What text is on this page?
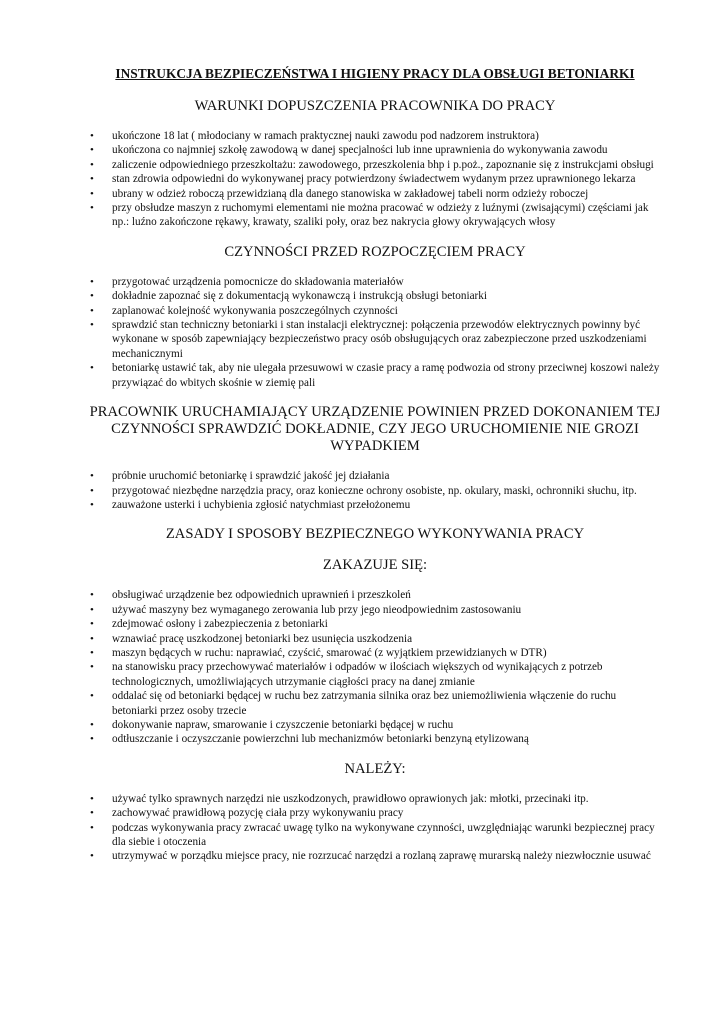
INSTRUKCJA BEZPIECZEŃSTWA I HIGIENY PRACY DLA OBSŁUGI BETONIARKI
WARUNKI DOPUSZCZENIA PRACOWNIKA DO PRACY
• ukończone 18 lat ( młodociany w ramach praktycznej nauki zawodu pod nadzorem instruktora)
• ukończona co najmniej szkołę zawodową w danej specjalności lub inne uprawnienia do wykonywania zawodu
• zaliczenie odpowiedniego przeszkoltażu: zawodowego, przeszkolenia bhp i p.poż., zapoznanie się z instrukcjami obsługi
• stan zdrowia odpowiedni do wykonywanej pracy potwierdzony świadectwem wydanym przez uprawnionego lekarza
• ubrany w odzież roboczą przewidzianą dla danego stanowiska w zakładowej tabeli norm odzieży roboczej
• przy obsłudze maszyn z ruchomymi elementami nie można pracować w odzieży z luźnymi (zwisającymi) częściami jak np.: luźno zakończone rękawy, krawaty, szaliki poły, oraz bez nakrycia głowy okrywających włosy
CZYNNOŚCI PRZED ROZPOCZĘCIEM PRACY
• przygotować urządzenia pomocnicze do składowania materiałów
• dokładnie zapoznać się z dokumentacją wykonawczą i instrukcją obsługi betoniarki
• zaplanować kolejność wykonywania poszczególnych czynności
• sprawdzić stan techniczny betoniarki i stan instalacji elektrycznej: połączenia przewodów elektrycznych powinny być wykonane w sposób zapewniający bezpieczeństwo pracy osób obsługujących oraz zabezpieczone przed uszkodzeniami mechanicznymi
• betoniarkę ustawić tak, aby nie ulegała przesuwowi w czasie pracy a ramę podwozia od strony przeciwnej koszowi należy przywiązać do wbitych skośnie w ziemię pali
PRACOWNIK URUCHAMIAJĄCY URZĄDZENIE POWINIEN PRZED DOKONANIEM TEJ CZYNNOŚCI SPRAWDZIĆ DOKŁADNIE, CZY JEGO URUCHOMIENIE NIE GROZI WYPADKIEM
• próbnie uruchomić betoniarkę i sprawdzić jakość jej działania
• przygotować niezbędne narzędzia pracy, oraz konieczne ochrony osobiste, np. okulary, maski, ochronniki słuchu, itp.
• zauważone usterki i uchybienia zgłosić natychmiast przełożonemu
ZASADY I SPOSOBY BEZPIECZNEGO WYKONYWANIA PRACY
ZAKAZUJE SIĘ:
• obsługiwać urządzenie bez odpowiednich uprawnień i przeszkoleń
• używać maszyny bez wymaganego zerowania lub przy jego nieodpowiednim zastosowaniu
• zdejmować osłony i zabezpieczenia z betoniarki
• wznawiać pracę uszkodzonej betoniarki bez usunięcia uszkodzenia
• maszyn będących w ruchu: naprawiać, czyścić, smarować (z wyjątkiem przewidzianych w DTR)
• na stanowisku pracy przechowywać materiałów i odpadów w ilościach większych od wynikających z potrzeb technologicznych, umożliwiających utrzymanie ciągłości pracy na danej zmianie
• oddalać się od betoniarki będącej w ruchu bez zatrzymania silnika oraz bez uniemożliwienia włączenie do ruchu betoniarki przez osoby trzecie
• dokonywanie napraw, smarowanie i czyszczenie betoniarki będącej w ruchu
• odtłuszczanie i oczyszczanie powierzchni lub mechanizmów betoniarki benzyną etylizowaną
NALEŻY:
• używać tylko sprawnych narzędzi nie uszkodzonych, prawidłowo oprawionych jak: młotki, przecinaki itp.
• zachowywać prawidłową pozycję ciała przy wykonywaniu pracy
• podczas wykonywania pracy zwracać uwagę tylko na wykonywane czynności, uwzględniając warunki bezpiecznej pracy dla siebie i otoczenia
• utrzymywać w porządku miejsce pracy, nie rozrzucać narzędzi a rozlaną zaprawę murarską należy niezwłocznie usuwać
